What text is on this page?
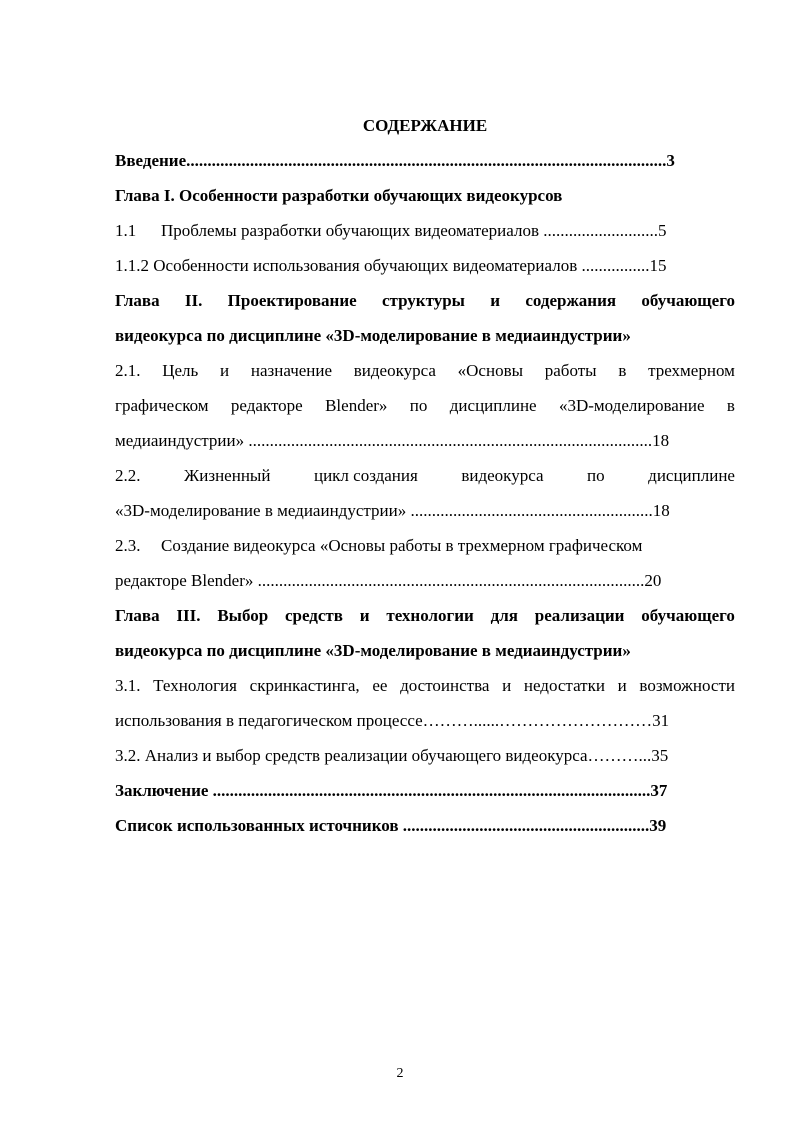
СОДЕРЖАНИЕ
Введение.................................................................................................................3
Глава I. Особенности разработки обучающих видеокурсов
1.1 Проблемы разработки обучающих видеоматериалов ...........................5
1.1.2 Особенности использования обучающих видеоматериалов ................15
Глава II. Проектирование структуры и содержания обучающего
видеокурса по дисциплине «3D-моделирование в медиаиндустрии»
2.1. Цель и назначение видеокурса «Основы работы в трехмерном
графическом редакторе Blender» по дисциплине «3D-моделирование в
медиаиндустрии» ...............................................................................................18
2.2.	Жизненный	цикл создания	видеокурса	по	дисциплине
«3D-моделирование в медиаиндустрии» .........................................................18
2.3. Создание видеокурса «Основы работы в трехмерном графическом
редакторе Blender» ...........................................................................................20
Глава III. Выбор средств и технологии для реализации обучающего
видеокурса по дисциплине «3D-моделирование в медиаиндустрии»
3.1. Технология скринкастинга, ее достоинства и недостатки и возможности
использования в педагогическом процессе………......………………………31
3.2. Анализ и выбор средств реализации обучающего видеокурса………...35
Заключение .......................................................................................................37
Список использованных источников ..........................................................39
2
